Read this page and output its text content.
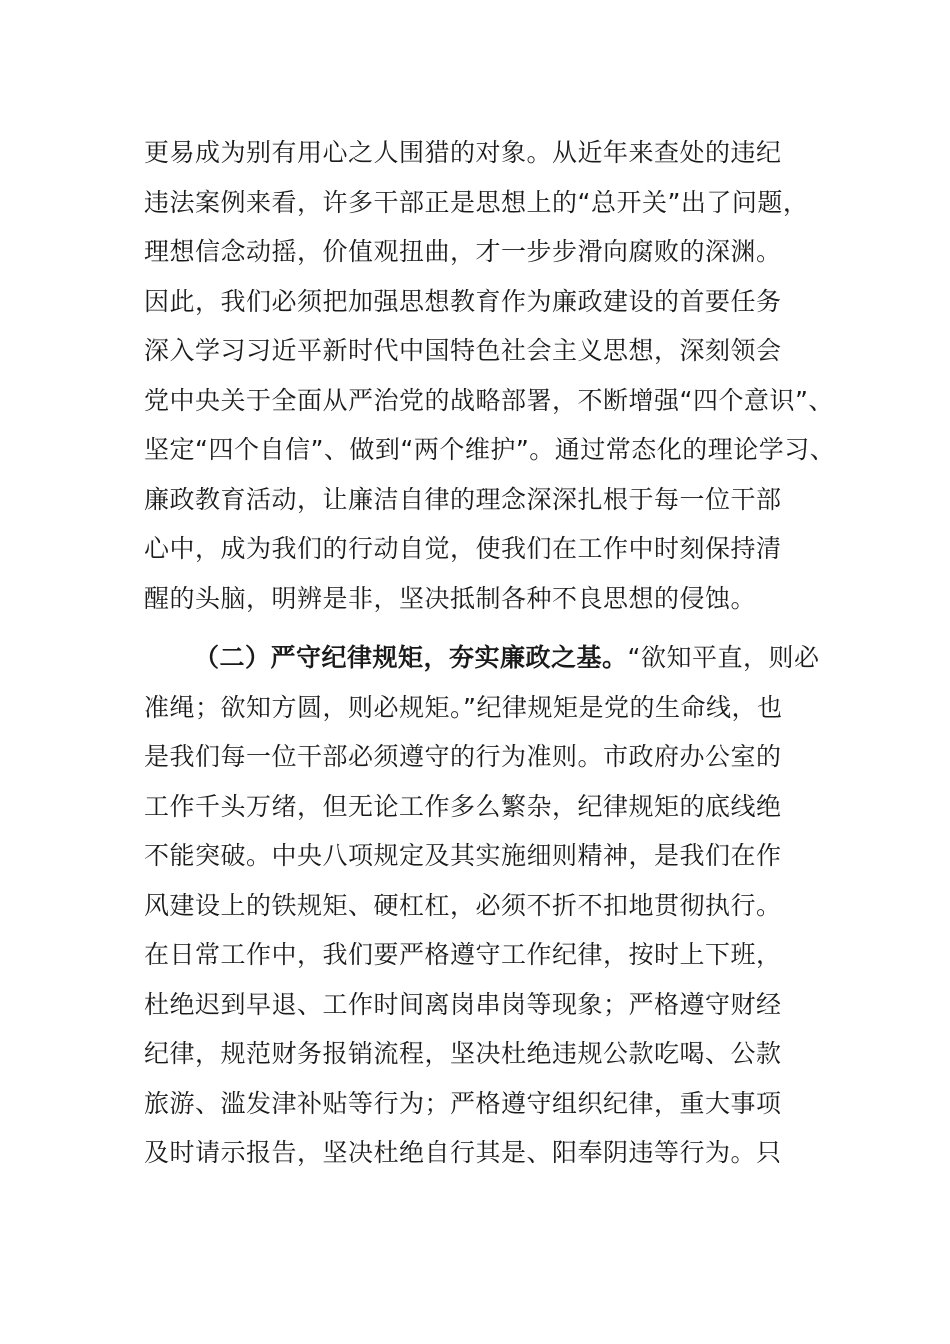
更易成为别有用心之人围猎的对象。从近年来查处的违纪
违法案例来看，许多干部正是思想上的“总开关”出了问题，
理想信念动摇，价值观扭曲，才一步步滑向腐败的深渊。
因此，我们必须把加强思想教育作为廉政建设的首要任务
深入学习习近平新时代中国特色社会主义思想，深刻领会
党中央关于全面从严治党的战略部署，不断增强“四个意识”、
坚定“四个自信”、做到“两个维护”。通过常态化的理论学习、
廉政教育活动，让廉洁自律的理念深深扎根于每一位干部
心中，成为我们的行动自觉，使我们在工作中时刻保持清
醒的头脑，明辨是非，坚决抵制各种不良思想的侵蚀。
（二）严守纪律规矩，夯实廉政之基。“欲知平直，则必
准绳；欲知方圆，则必规矩。”纪律规矩是党的生命线，也
是我们每一位干部必须遵守的行为准则。市政府办公室的
工作千头万绪，但无论工作多么繁杂，纪律规矩的底线绝
不能突破。中央八项规定及其实施细则精神，是我们在作
风建设上的铁规矩、硬杠杠，必须不折不扣地贯彻执行。
在日常工作中，我们要严格遵守工作纪律，按时上下班，
杜绝迟到早退、工作时间离岗串岗等现象；严格遵守财经
纪律，规范财务报销流程，坚决杜绝违规公款吃喝、公款
旅游、滥发津补贴等行为；严格遵守组织纪律，重大事项
及时请示报告，坚决杜绝自行其是、阳奉阴违等行为。只
